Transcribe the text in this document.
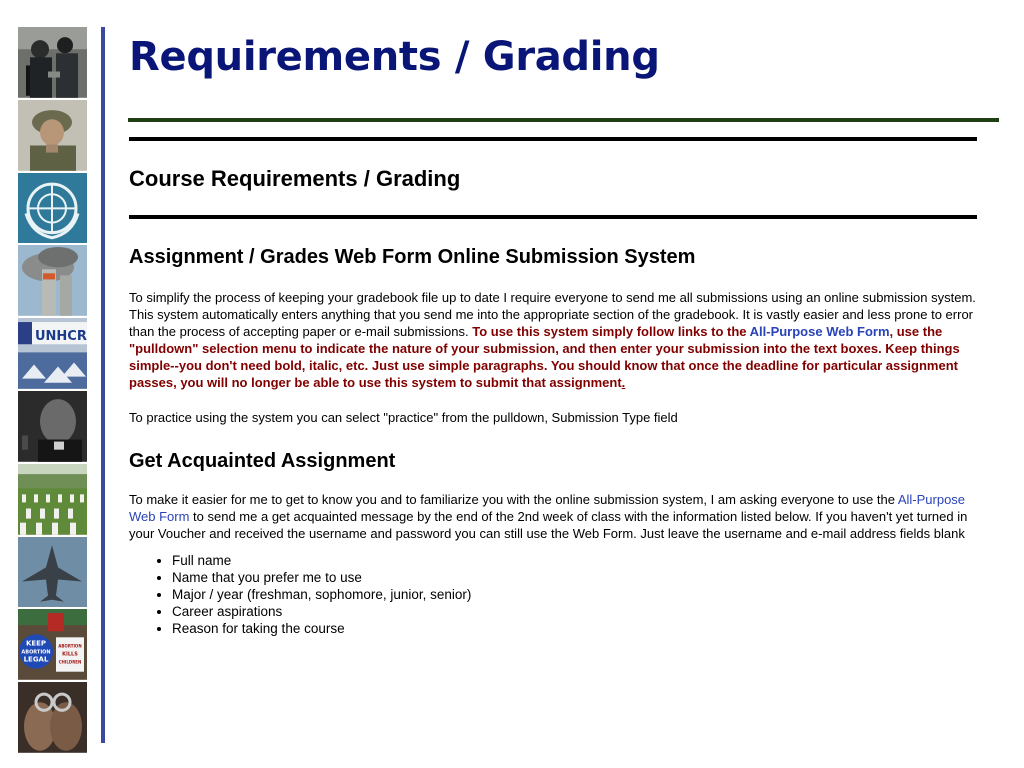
UNHCR
KEEP
ABORTION
LEGAL
ABORTION
KILLS
CHILDREN
Requirements / Grading
Course Requirements / Grading
Assignment / Grades Web Form Online Submission System

To simplify the process of keeping your gradebook file up to date I require everyone to send me all submissions using an online submission system. This system automatically enters anything that you send me into the appropriate section of the gradebook. It is vastly easier and less prone to error than the process of accepting paper or e-mail submissions. To use this system simply follow links to the All-Purpose Web Form, use the "pulldown" selection menu to indicate the nature of your submission, and then enter your submission into the text boxes. Keep things simple--you don't need bold, italic, etc. Just use simple paragraphs. You should know that once the deadline for particular assignment passes, you will no longer be able to use this system to submit that assignment.

To practice using the system you can select "practice" from the pulldown, Submission Type field

Get Acquainted Assignment

To make it easier for me to get to know you and to familiarize you with the online submission system, I am asking everyone to use the All-Purpose Web Form to send me a get acquainted message by the end of the 2nd week of class with the information listed below. If you haven't yet turned in your Voucher and received the username and password you can still use the Web Form. Just leave the username and e-mail address fields blank

• Full name
• Name that you prefer me to use
• Major / year (freshman, sophomore, junior, senior)
• Career aspirations
• Reason for taking the course
